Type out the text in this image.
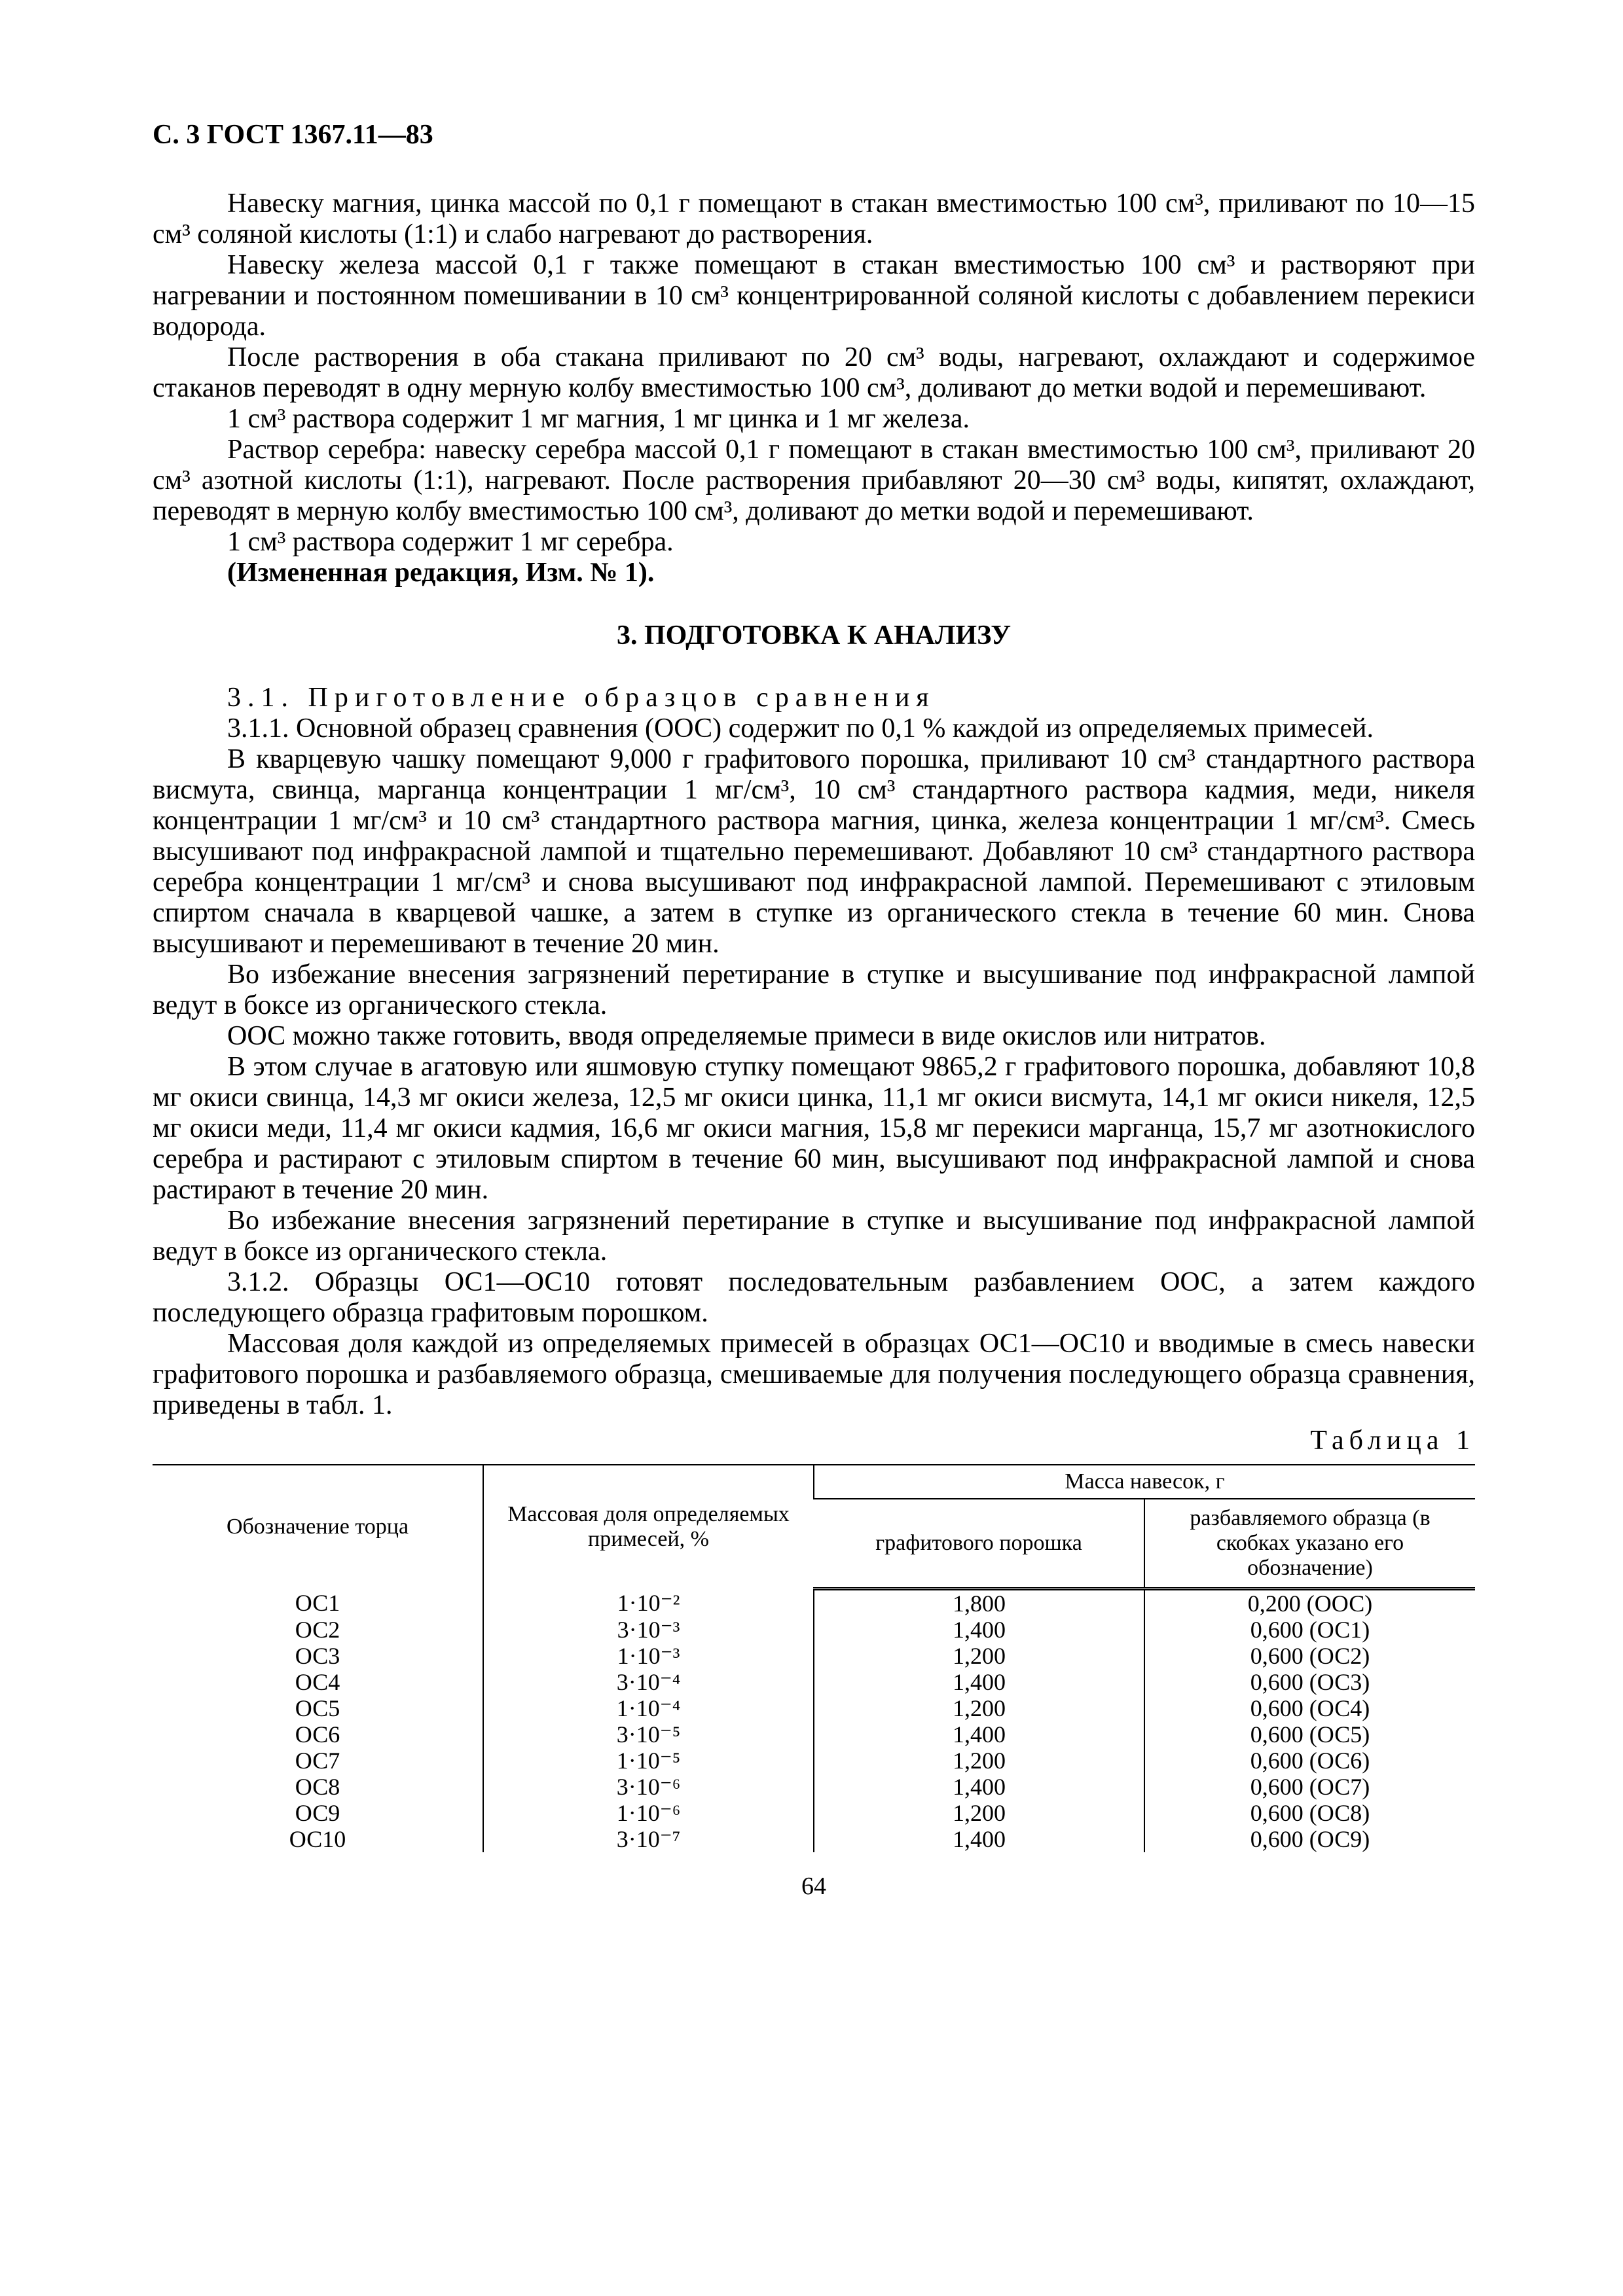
С. 3 ГОСТ 1367.11—83

Навеску магния, цинка массой по 0,1 г помещают в стакан вместимостью 100 см³, приливают по 10—15 см³ соляной кислоты (1:1) и слабо нагревают до растворения.

Навеску железа массой 0,1 г также помещают в стакан вместимостью 100 см³ и растворяют при нагревании и постоянном помешивании в 10 см³ концентрированной соляной кислоты с добавлением перекиси водорода.

После растворения в оба стакана приливают по 20 см³ воды, нагревают, охлаждают и содержимое стаканов переводят в одну мерную колбу вместимостью 100 см³, доливают до метки водой и перемешивают.

1 см³ раствора содержит 1 мг магния, 1 мг цинка и 1 мг железа.

Раствор серебра: навеску серебра массой 0,1 г помещают в стакан вместимостью 100 см³, приливают 20 см³ азотной кислоты (1:1), нагревают. После растворения прибавляют 20—30 см³ воды, кипятят, охлаждают, переводят в мерную колбу вместимостью 100 см³, доливают до метки водой и перемешивают.

1 см³ раствора содержит 1 мг серебра.

(Измененная редакция, Изм. № 1).

3. ПОДГОТОВКА К АНАЛИЗУ

3.1. Приготовление образцов сравнения

3.1.1. Основной образец сравнения (ООС) содержит по 0,1 % каждой из определяемых примесей.

В кварцевую чашку помещают 9,000 г графитового порошка, приливают 10 см³ стандартного раствора висмута, свинца, марганца концентрации 1 мг/см³, 10 см³ стандартного раствора кадмия, меди, никеля концентрации 1 мг/см³ и 10 см³ стандартного раствора магния, цинка, железа концентрации 1 мг/см³. Смесь высушивают под инфракрасной лампой и тщательно перемешивают. Добавляют 10 см³ стандартного раствора серебра концентрации 1 мг/см³ и снова высушивают под инфракрасной лампой. Перемешивают с этиловым спиртом сначала в кварцевой чашке, а затем в ступке из органического стекла в течение 60 мин. Снова высушивают и перемешивают в течение 20 мин.

Во избежание внесения загрязнений перетирание в ступке и высушивание под инфракрасной лампой ведут в боксе из органического стекла.

ООС можно также готовить, вводя определяемые примеси в виде окислов или нитратов.

В этом случае в агатовую или яшмовую ступку помещают 9865,2 г графитового порошка, добавляют 10,8 мг окиси свинца, 14,3 мг окиси железа, 12,5 мг окиси цинка, 11,1 мг окиси висмута, 14,1 мг окиси никеля, 12,5 мг окиси меди, 11,4 мг окиси кадмия, 16,6 мг окиси магния, 15,8 мг перекиси марганца, 15,7 мг азотнокислого серебра и растирают с этиловым спиртом в течение 60 мин, высушивают под инфракрасной лампой и снова растирают в течение 20 мин.

Во избежание внесения загрязнений перетирание в ступке и высушивание под инфракрасной лампой ведут в боксе из органического стекла.

3.1.2. Образцы ОС1—ОС10 готовят последовательным разбавлением ООС, а затем каждого последующего образца графитовым порошком.

Массовая доля каждой из определяемых примесей в образцах ОС1—ОС10 и вводимые в смесь навески графитового порошка и разбавляемого образца, смешиваемые для получения последующего образца сравнения, приведены в табл. 1.

Таблица 1
Обозначение торца	Массовая доля определяемых примесей, %	Масса навесок, г	
		графитового порошка	разбавляемого образца (в скобках указано его обозначение)
ОС1	1·10⁻²	1,800	0,200 (ООС)
ОС2	3·10⁻³	1,400	0,600 (ОС1)
ОС3	1·10⁻³	1,200	0,600 (ОС2)
ОС4	3·10⁻⁴	1,400	0,600 (ОС3)
ОС5	1·10⁻⁴	1,200	0,600 (ОС4)
ОС6	3·10⁻⁵	1,400	0,600 (ОС5)
ОС7	1·10⁻⁵	1,200	0,600 (ОС6)
ОС8	3·10⁻⁶	1,400	0,600 (ОС7)
ОС9	1·10⁻⁶	1,200	0,600 (ОС8)
ОС10	3·10⁻⁷	1,400	0,600 (ОС9)
64
